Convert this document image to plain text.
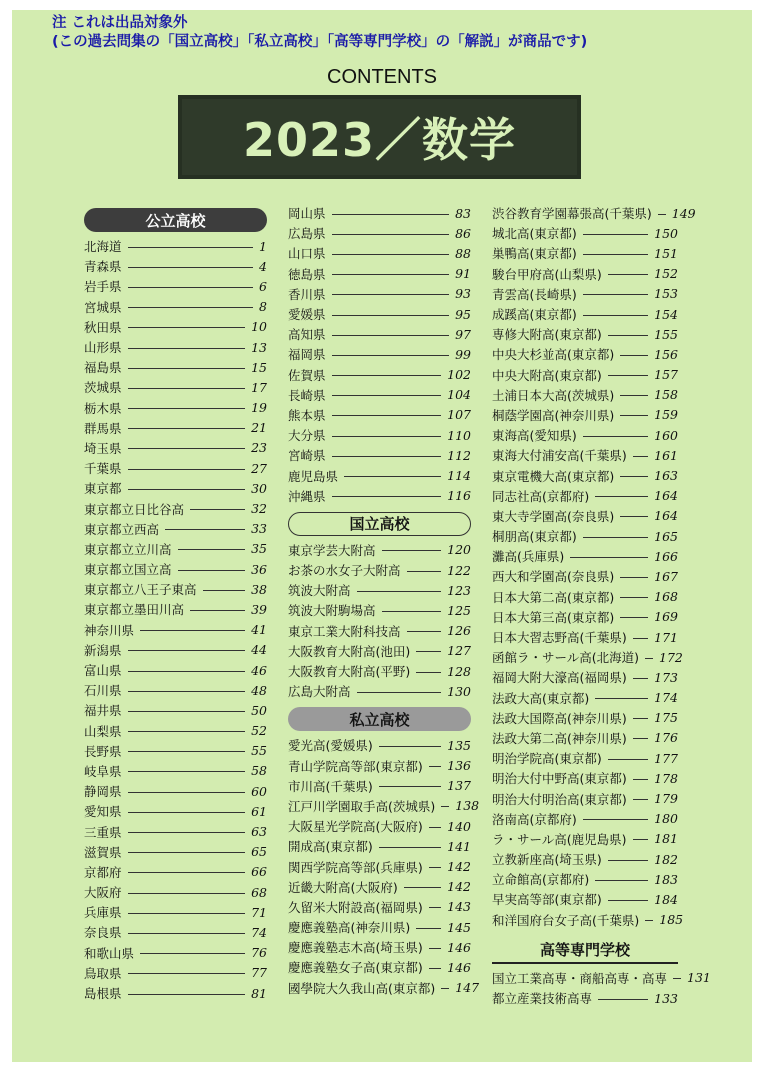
注 これは出品対象外
(この過去問集の「国立高校」「私立高校」「高等専門学校」の「解説」が商品です)
CONTENTS
2023／数学
公立高校
北海道	1
青森県	4
岩手県	6
宮城県	8
秋田県	10
山形県	13
福島県	15
茨城県	17
栃木県	19
群馬県	21
埼玉県	23
千葉県	27
東京都	30
東京都立日比谷高	32
東京都立西高	33
東京都立立川高	35
東京都立国立高	36
東京都立八王子東高	38
東京都立墨田川高	39
神奈川県	41
新潟県	44
富山県	46
石川県	48
福井県	50
山梨県	52
長野県	55
岐阜県	58
静岡県	60
愛知県	61
三重県	63
滋賀県	65
京都府	66
大阪府	68
兵庫県	71
奈良県	74
和歌山県	76
鳥取県	77
島根県	81
岡山県	83
広島県	86
山口県	88
徳島県	91
香川県	93
愛媛県	95
高知県	97
福岡県	99
佐賀県	102
長崎県	104
熊本県	107
大分県	110
宮崎県	112
鹿児島県	114
沖縄県	116
国立高校
東京学芸大附高	120
お茶の水女子大附高	122
筑波大附高	123
筑波大附駒場高	125
東京工業大附科技高	126
大阪教育大附高(池田)	127
大阪教育大附高(平野)	128
広島大附高	130
私立高校
愛光高(愛媛県)	135
青山学院高等部(東京都) 136
市川高(千葉県)	137
江戸川学園取手高(茨城県) 138
大阪星光学院高(大阪府) 140
開成高(東京都)	141
関西学院高等部(兵庫県) 142
近畿大附高(大阪府)	142
久留米大附設高(福岡県) 143
慶應義塾高(神奈川県)	145
慶應義塾志木高(埼玉県) 146
慶應義塾女子高(東京都) 146
國學院大久我山高(東京都) 147
渋谷教育学園幕張高(千葉県) 149
城北高(東京都)	150
巣鴨高(東京都)	151
駿台甲府高(山梨県)	152
青雲高(長崎県)	153
成蹊高(東京都)	154
専修大附高(東京都)	155
中央大杉並高(東京都)	156
中央大附高(東京都)	157
土浦日本大高(茨城県)	158
桐蔭学園高(神奈川県)	159
東海高(愛知県)	160
東海大付浦安高(千葉県) 161
東京電機大高(東京都)	163
同志社高(京都府)	164
東大寺学園高(奈良県)	164
桐朋高(東京都)	165
灘高(兵庫県)	166
西大和学園高(奈良県)	167
日本大第二高(東京都)	168
日本大第三高(東京都)	169
日本大習志野高(千葉県) 171
函館ラ・サール高(北海道) 172
福岡大附大濠高(福岡県) 173
法政大高(東京都)	174
法政大国際高(神奈川県) 175
法政大第二高(神奈川県) 176
明治学院高(東京都)	177
明治大付中野高(東京都) 178
明治大付明治高(東京都) 179
洛南高(京都府)	180
ラ・サール高(鹿児島県) 181
立教新座高(埼玉県)	182
立命館高(京都府)	183
早実高等部(東京都)	184
和洋国府台女子高(千葉県) 185
高等専門学校
国立工業高専・商船高専・高専 131
都立産業技術高専	133
